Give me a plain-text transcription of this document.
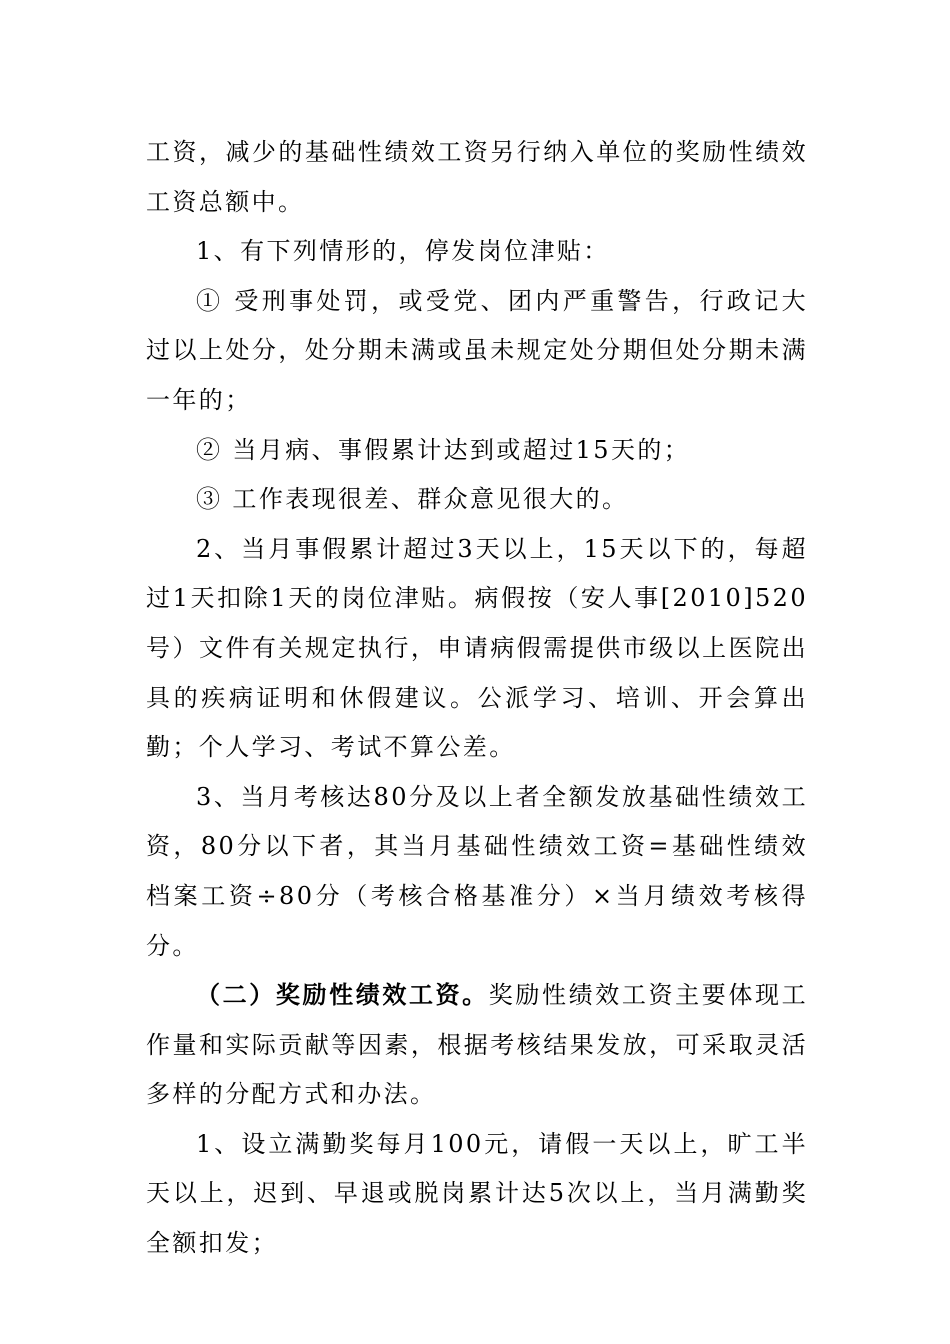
工资，减少的基础性绩效工资另行纳入单位的奖励性绩效工资总额中。

1、有下列情形的，停发岗位津贴：

① 受刑事处罚，或受党、团内严重警告，行政记大过以上处分，处分期未满或虽未规定处分期但处分期未满一年的；

② 当月病、事假累计达到或超过15天的；

③ 工作表现很差、群众意见很大的。

2、当月事假累计超过3天以上，15天以下的，每超过1天扣除1天的岗位津贴。病假按（安人事[2010]520号）文件有关规定执行，申请病假需提供市级以上医院出具的疾病证明和休假建议。公派学习、培训、开会算出勤；个人学习、考试不算公差。

3、当月考核达80分及以上者全额发放基础性绩效工资，80分以下者，其当月基础性绩效工资=基础性绩效档案工资÷80分（考核合格基准分）×当月绩效考核得分。

（二）奖励性绩效工资。奖励性绩效工资主要体现工作量和实际贡献等因素，根据考核结果发放，可采取灵活多样的分配方式和办法。

1、设立满勤奖每月100元，请假一天以上，旷工半天以上，迟到、早退或脱岗累计达5次以上，当月满勤奖全额扣发；
